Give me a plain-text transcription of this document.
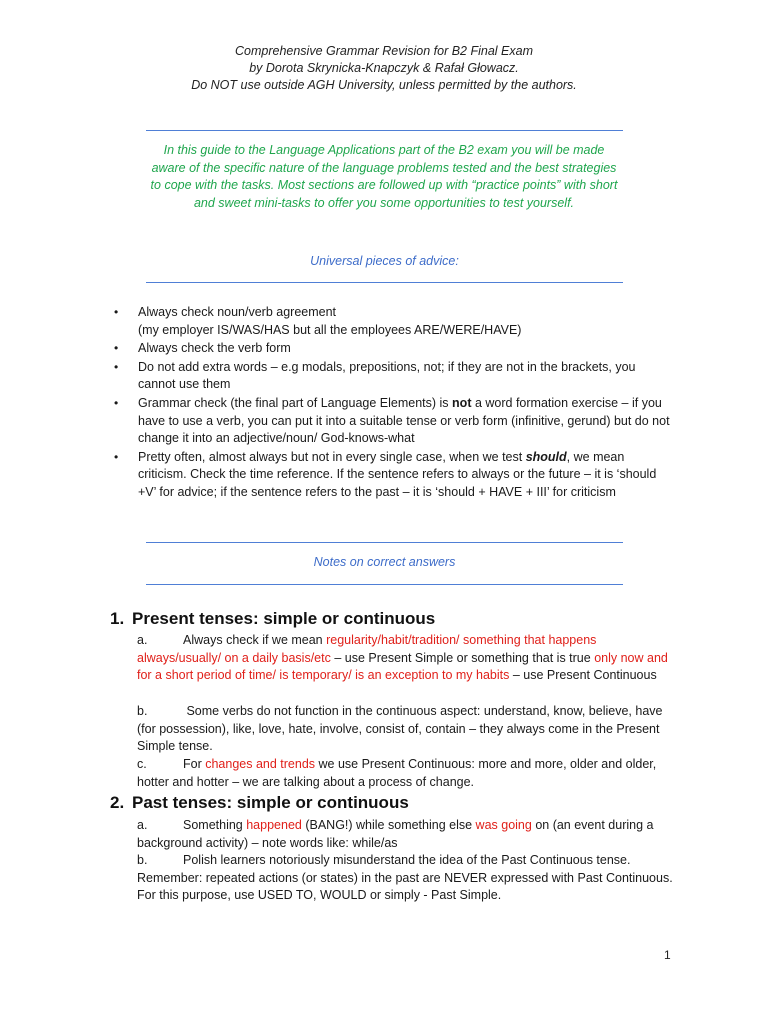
Comprehensive Grammar Revision for B2 Final Exam
by Dorota Skrynicka-Knapczyk & Rafał Głowacz.
Do NOT use outside AGH University, unless permitted by the authors.
In this guide to the Language Applications part of the B2 exam you will be made aware of the specific nature of the language problems tested and the best strategies to cope with the tasks. Most sections are followed up with “practice points” with short and sweet mini-tasks to offer you some opportunities to test yourself.
Universal pieces of advice:
• Always check noun/verb agreement
(my employer IS/WAS/HAS but all the employees ARE/WERE/HAVE)
• Always check the verb form
• Do not add extra words – e.g modals, prepositions, not; if they are not in the brackets, you cannot use them
• Grammar check (the final part of Language Elements) is not a word formation exercise – if you have to use a verb, you can put it into a suitable tense or verb form (infinitive, gerund) but do not change it into an adjective/noun/ God-knows-what
• Pretty often, almost always but not in every single case, when we test should, we mean criticism. Check the time reference. If the sentence refers to always or the future – it is ‘should +V’ for advice; if the sentence refers to the past – it is ‘should + HAVE + III’ for criticism
Notes on correct answers
1. Present tenses: simple or continuous
a.	Always check if we mean regularity/habit/tradition/ something that happens always/usually/ on a daily basis/etc – use Present Simple or something that is true only now and for a short period of time/ is temporary/ is an exception to my habits – use Present Continuous
b.	Some verbs do not function in the continuous aspect: understand, know, believe, have (for possession), like, love, hate, involve, consist of, contain – they always come in the Present Simple tense.
c.	For changes and trends we use Present Continuous: more and more, older and older, hotter and hotter – we are talking about a process of change.
2. Past tenses: simple or continuous
a.	Something happened (BANG!) while something else was going on (an event during a background activity) – note words like: while/as
b.	Polish learners notoriously misunderstand the idea of the Past Continuous tense. Remember: repeated actions (or states) in the past are NEVER expressed with Past Continuous. For this purpose, use USED TO, WOULD or simply - Past Simple.
1
